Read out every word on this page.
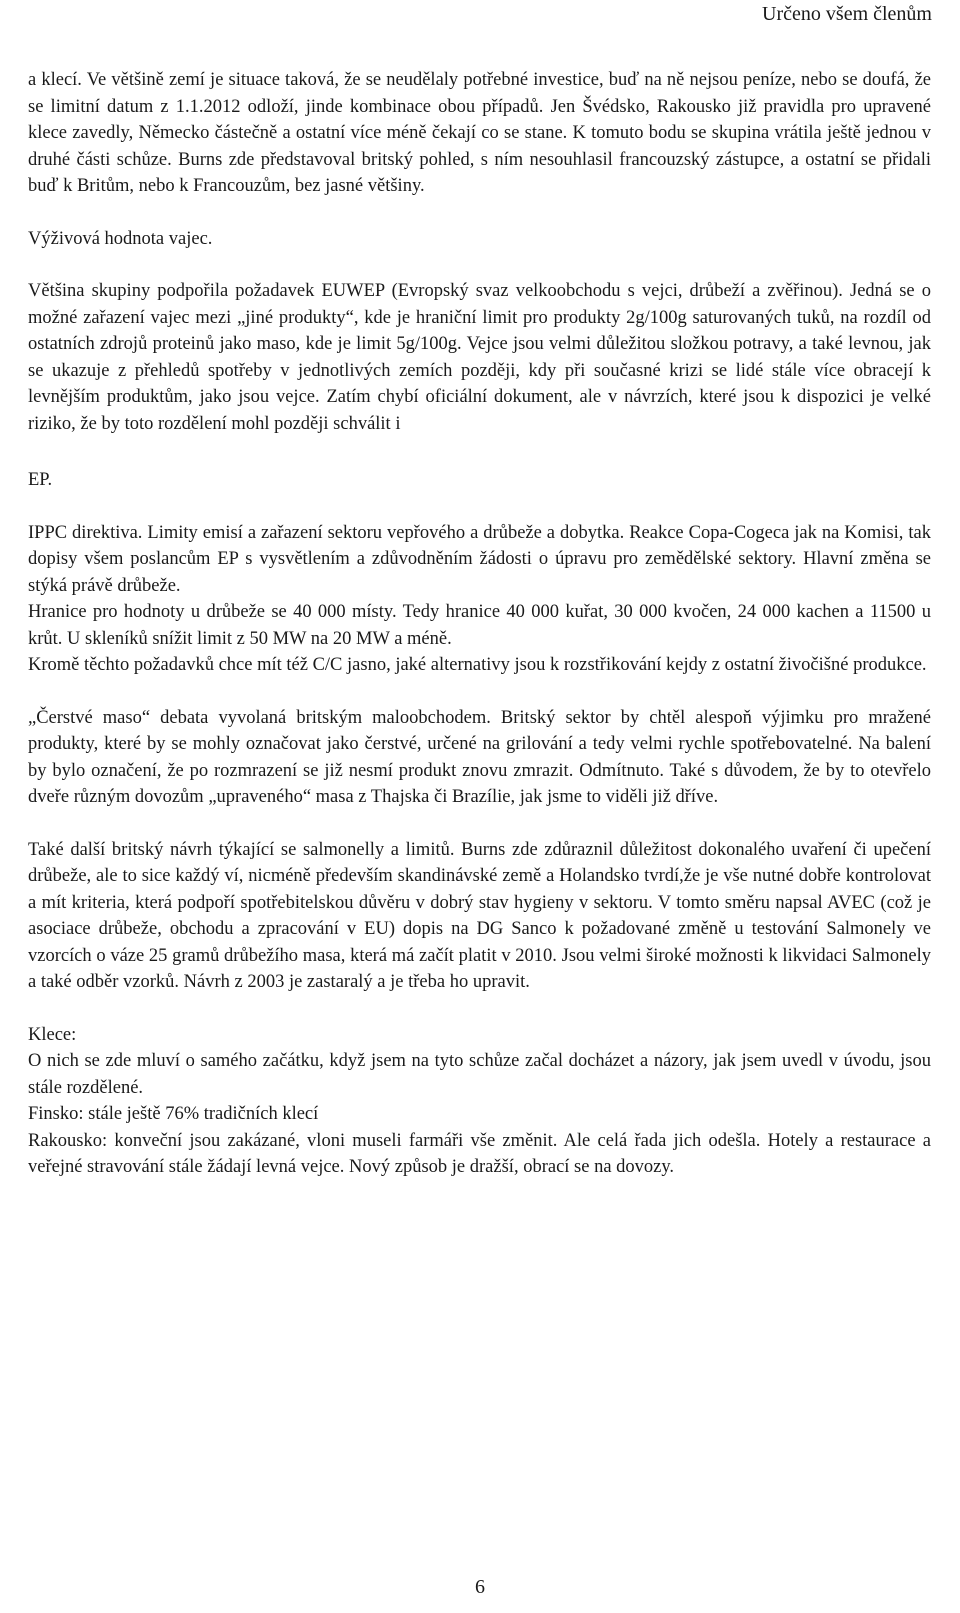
Určeno všem členům

a klecí. Ve většině zemí je situace taková, že se neudělaly potřebné investice, buď na ně nejsou peníze, nebo se doufá, že se limitní datum z 1.1.2012 odloží, jinde kombinace obou případů. Jen Švédsko, Rakousko již pravidla pro upravené klece zavedly, Německo částečně a ostatní více méně čekají co se stane. K tomuto bodu se skupina vrátila ještě jednou v druhé části schůze. Burns zde představoval britský pohled, s ním nesouhlasil francouzský zástupce, a ostatní se přidali buď k Britům, nebo k Francouzům, bez jasné většiny.

Výživová hodnota vajec.

Většina skupiny podpořila požadavek EUWEP (Evropský svaz velkoobchodu s vejci, drůbeží a zvěřinou). Jedná se o možné zařazení vajec mezi „jiné produkty“, kde je hraniční limit pro produkty 2g/100g saturovaných tuků, na rozdíl od ostatních zdrojů proteinů jako maso, kde je limit 5g/100g. Vejce jsou velmi důležitou složkou potravy, a také levnou, jak se ukazuje z přehledů spotřeby v jednotlivých zemích později, kdy při současné krizi se lidé stále více obracejí k levnějším produktům, jako jsou vejce. Zatím chybí oficiální dokument, ale v návrzích, které jsou k dispozici je velké riziko, že by toto rozdělení mohl později schválit i

EP.

IPPC direktiva. Limity emisí a zařazení sektoru vepřového a drůbeže a dobytka. Reakce Copa-Cogeca jak na Komisi, tak dopisy všem poslancům EP s vysvětlením a zdůvodněním žádosti o úpravu pro zemědělské sektory. Hlavní změna se stýká právě drůbeže.

Hranice pro hodnoty u drůbeže se 40 000 místy. Tedy hranice 40 000 kuřat, 30 000 kvočen, 24 000 kachen a 11500 u krůt. U skleníků snížit limit z 50 MW na 20 MW a méně.

Kromě těchto požadavků chce mít též C/C jasno, jaké alternativy jsou k rozstřikování kejdy z ostatní živočišné produkce.

„Čerstvé maso“ debata vyvolaná britským maloobchodem. Britský sektor by chtěl alespoň výjimku pro mražené produkty, které by se mohly označovat jako čerstvé, určené na grilování a tedy velmi rychle spotřebovatelné. Na balení by bylo označení, že po rozmrazení se již nesmí produkt znovu zmrazit. Odmítnuto. Také s důvodem, že by to otevřelo dveře různým dovozům „upraveného“ masa z Thajska či Brazílie, jak jsme to viděli již dříve.

Také další britský návrh týkající se salmonelly a limitů. Burns zde zdůraznil důležitost dokonalého uvaření či upečení drůbeže, ale to sice každý ví, nicméně především skandinávské země a Holandsko tvrdí,že je vše nutné dobře kontrolovat a mít kriteria, která podpoří spotřebitelskou důvěru v dobrý stav hygieny v sektoru. V tomto směru napsal AVEC (což je asociace drůbeže, obchodu a zpracování v EU) dopis na DG Sanco k požadované změně u testování Salmonely ve vzorcích o váze 25 gramů drůbežího masa, která má začít platit v 2010. Jsou velmi široké možnosti k likvidaci Salmonely a také odběr vzorků. Návrh z 2003 je zastaralý a je třeba ho upravit.

Klece:

O nich se zde mluví o samého začátku, když jsem na tyto schůze začal docházet a názory, jak jsem uvedl v úvodu, jsou stále rozdělené.

Finsko: stále ještě 76% tradičních klecí

Rakousko: konveční jsou zakázané, vloni museli farmáři vše změnit. Ale celá řada jich odešla. Hotely a restaurace a veřejné stravování stále žádají levná vejce. Nový způsob je dražší, obrací se na dovozy.

6
